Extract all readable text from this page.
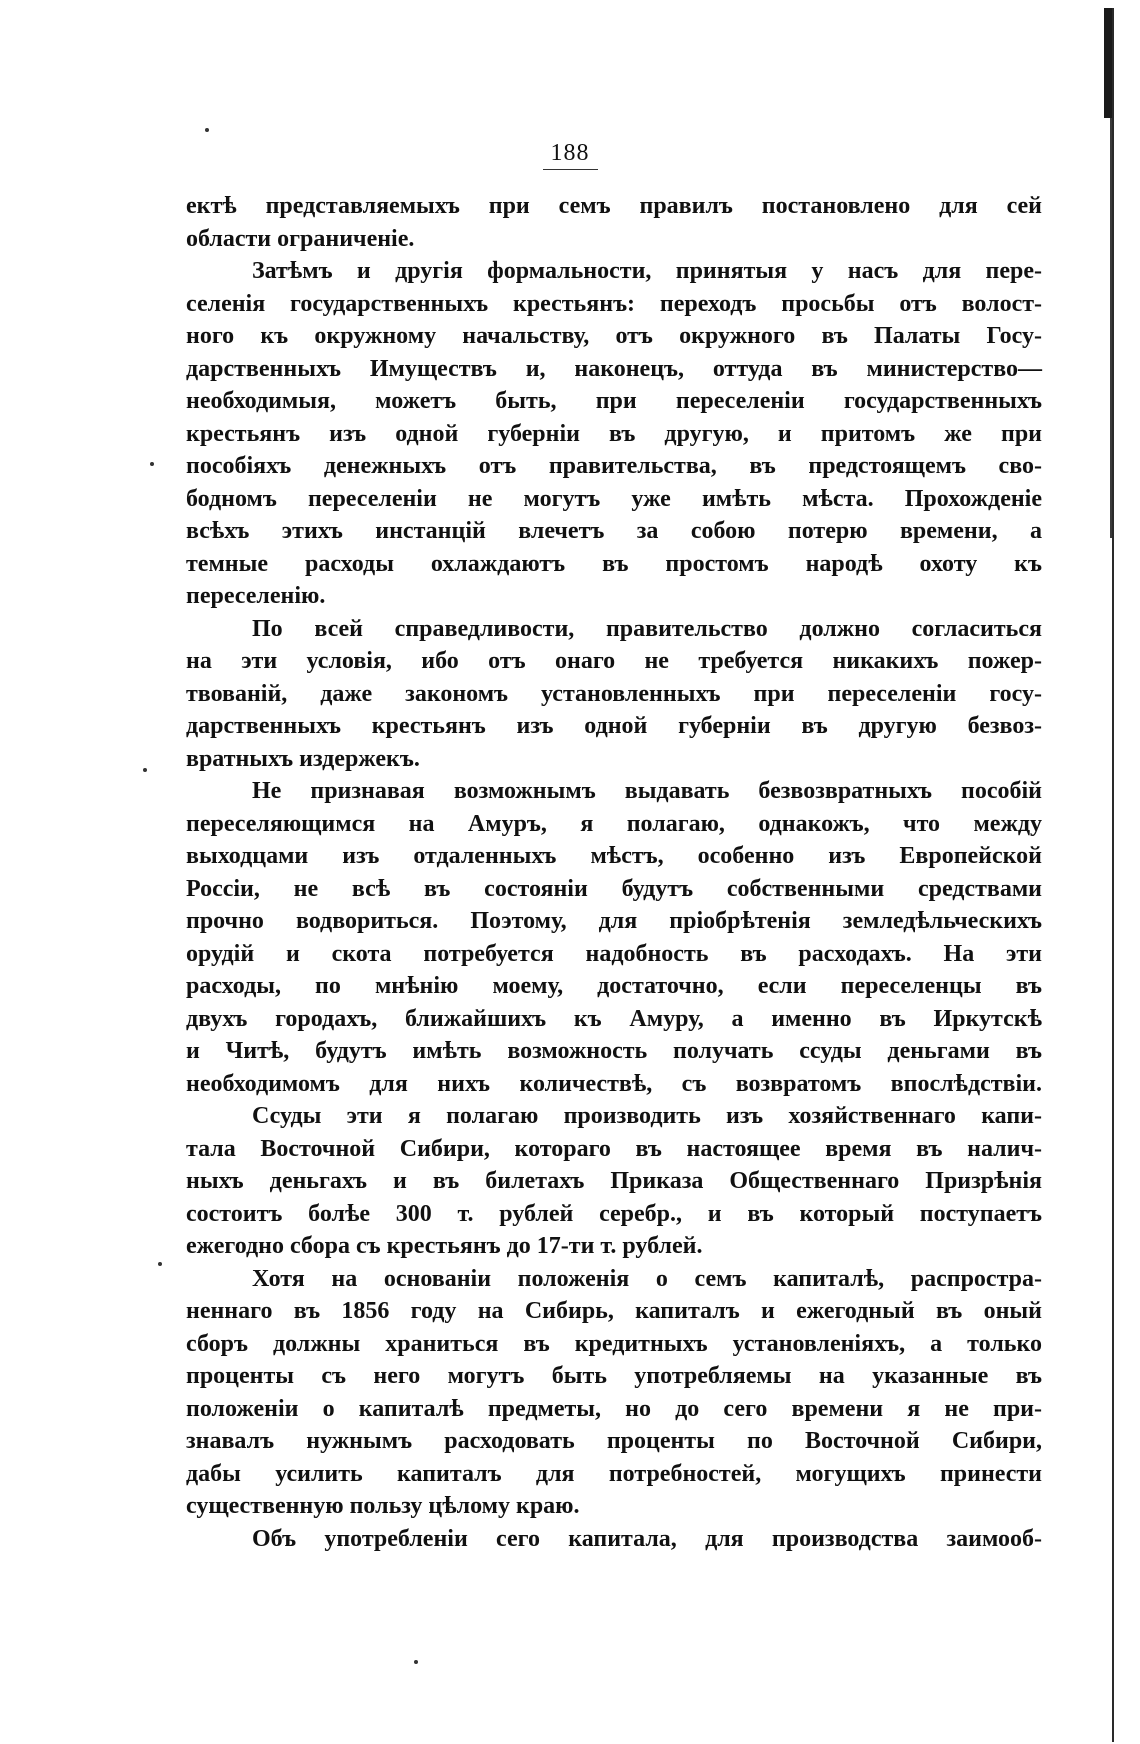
188
ектѣ представляемыхъ при семъ правилъ постановлено для сей
области ограниченіе.
Затѣмъ и другія формальности, принятыя у насъ для пере-
селенія государственныхъ крестьянъ: переходъ просьбы отъ волост-
ного къ окружному начальству, отъ окружного въ Палаты Госу-
дарственныхъ Имуществъ и, наконецъ, оттуда въ министерство—
необходимыя, можетъ быть, при переселеніи государственныхъ
крестьянъ изъ одной губерніи въ другую, и притомъ же при
пособіяхъ денежныхъ отъ правительства, въ предстоящемъ сво-
бодномъ переселеніи не могутъ уже имѣть мѣста. Прохожденіе
всѣхъ этихъ инстанцій влечетъ за собою потерю времени, а
темные расходы охлаждаютъ въ простомъ народѣ охоту къ
переселенію.
По всей справедливости, правительство должно согласиться
на эти условія, ибо отъ онаго не требуется никакихъ пожер-
твованій, даже закономъ установленныхъ при переселеніи госу-
дарственныхъ крестьянъ изъ одной губерніи въ другую безвоз-
вратныхъ издержекъ.
Не признавая возможнымъ выдавать безвозвратныхъ пособій
переселяющимся на Амуръ, я полагаю, однакожъ, что между
выходцами изъ отдаленныхъ мѣстъ, особенно изъ Европейской
Россіи, не всѣ въ состояніи будутъ собственными средствами
прочно водвориться. Поэтому, для пріобрѣтенія земледѣльческихъ
орудій и скота потребуется надобность въ расходахъ. На эти
расходы, по мнѣнію моему, достаточно, если переселенцы въ
двухъ городахъ, ближайшихъ къ Амуру, а именно въ Иркутскѣ
и Читѣ, будутъ имѣть возможность получать ссуды деньгами въ
необходимомъ для нихъ количествѣ, съ возвратомъ впослѣдствіи.
Ссуды эти я полагаю производить изъ хозяйственнаго капи-
тала Восточной Сибири, котораго въ настоящее время въ налич-
ныхъ деньгахъ и въ билетахъ Приказа Общественнаго Призрѣнія
состоитъ болѣе 300 т. рублей серебр., и въ который поступаетъ
ежегодно сбора съ крестьянъ до 17-ти т. рублей.
Хотя на основаніи положенія о семъ капиталѣ, распростра-
неннаго въ 1856 году на Сибирь, капиталъ и ежегодный въ оный
сборъ должны храниться въ кредитныхъ установленіяхъ, а только
проценты съ него могутъ быть употребляемы на указанные въ
положеніи о капиталѣ предметы, но до сего времени я не при-
знавалъ нужнымъ расходовать проценты по Восточной Сибири,
дабы усилить капиталъ для потребностей, могущихъ принести
существенную пользу цѣлому краю.
Объ употребленіи сего капитала, для производства заимооб-
